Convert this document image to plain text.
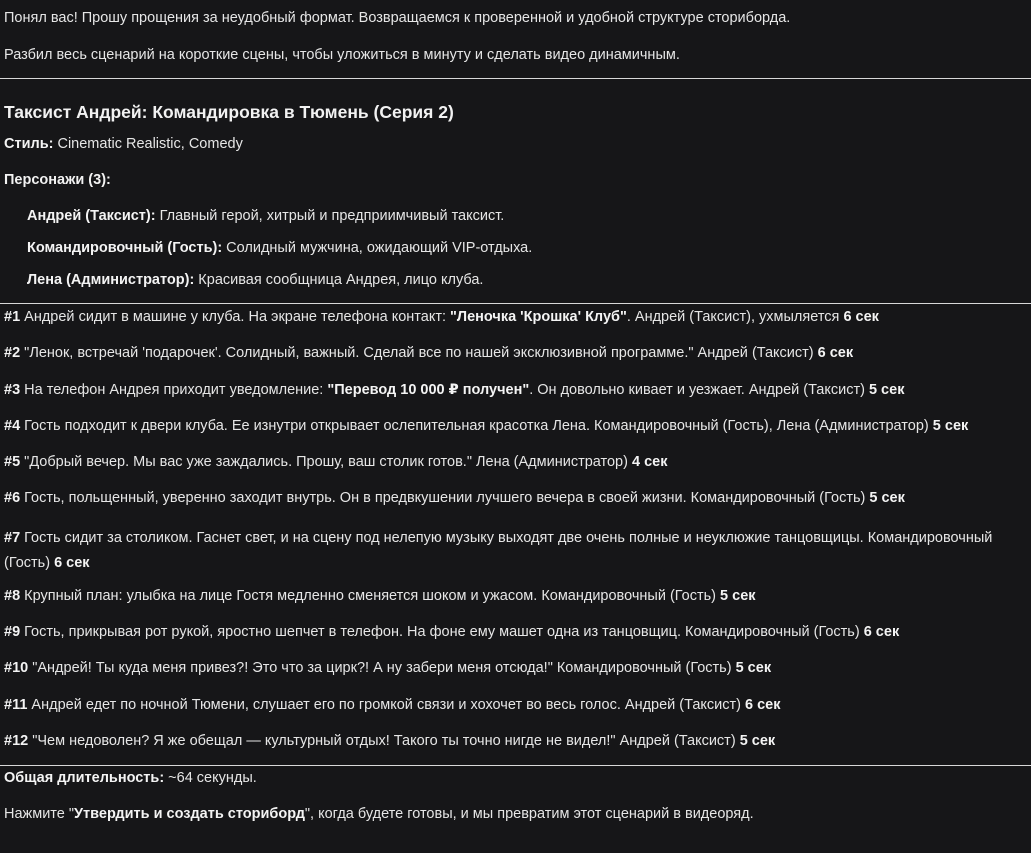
Понял вас! Прошу прощения за неудобный формат. Возвращаемся к проверенной и удобной структуре сториборда.

Разбил весь сценарий на короткие сцены, чтобы уложиться в минуту и сделать видео динамичным.

Таксист Андрей: Командировка в Тюмень (Серия 2)

Стиль: Cinematic Realistic, Comedy

Персонажи (3):

Андрей (Таксист): Главный герой, хитрый и предприимчивый таксист.

Командировочный (Гость): Солидный мужчина, ожидающий VIP-отдыха.

Лена (Администратор): Красивая сообщница Андрея, лицо клуба.

#1 Андрей сидит в машине у клуба. На экране телефона контакт: "Леночка 'Крошка' Клуб". Андрей (Таксист), ухмыляется 6 сек

#2 "Ленок, встречай 'подарочек'. Солидный, важный. Сделай все по нашей эксклюзивной программе." Андрей (Таксист) 6 сек

#3 На телефон Андрея приходит уведомление: "Перевод 10 000 ₽ получен". Он довольно кивает и уезжает. Андрей (Таксист) 5 сек

#4 Гость подходит к двери клуба. Ее изнутри открывает ослепительная красотка Лена. Командировочный (Гость), Лена (Администратор) 5 сек

#5 "Добрый вечер. Мы вас уже заждались. Прошу, ваш столик готов." Лена (Администратор) 4 сек

#6 Гость, польщенный, уверенно заходит внутрь. Он в предвкушении лучшего вечера в своей жизни. Командировочный (Гость) 5 сек

#7 Гость сидит за столиком. Гаснет свет, и на сцену под нелепую музыку выходят две очень полные и неуклюжие танцовщицы. Командировочный (Гость) 6 сек

#8 Крупный план: улыбка на лице Гостя медленно сменяется шоком и ужасом. Командировочный (Гость) 5 сек

#9 Гость, прикрывая рот рукой, яростно шепчет в телефон. На фоне ему машет одна из танцовщиц. Командировочный (Гость) 6 сек

#10 "Андрей! Ты куда меня привез?! Это что за цирк?! А ну забери меня отсюда!" Командировочный (Гость) 5 сек

#11 Андрей едет по ночной Тюмени, слушает его по громкой связи и хохочет во весь голос. Андрей (Таксист) 6 сек

#12 "Чем недоволен? Я же обещал — культурный отдых! Такого ты точно нигде не видел!" Андрей (Таксист) 5 сек

Общая длительность: ~64 секунды.

Нажмите "Утвердить и создать сториборд", когда будете готовы, и мы превратим этот сценарий в видеоряд.
